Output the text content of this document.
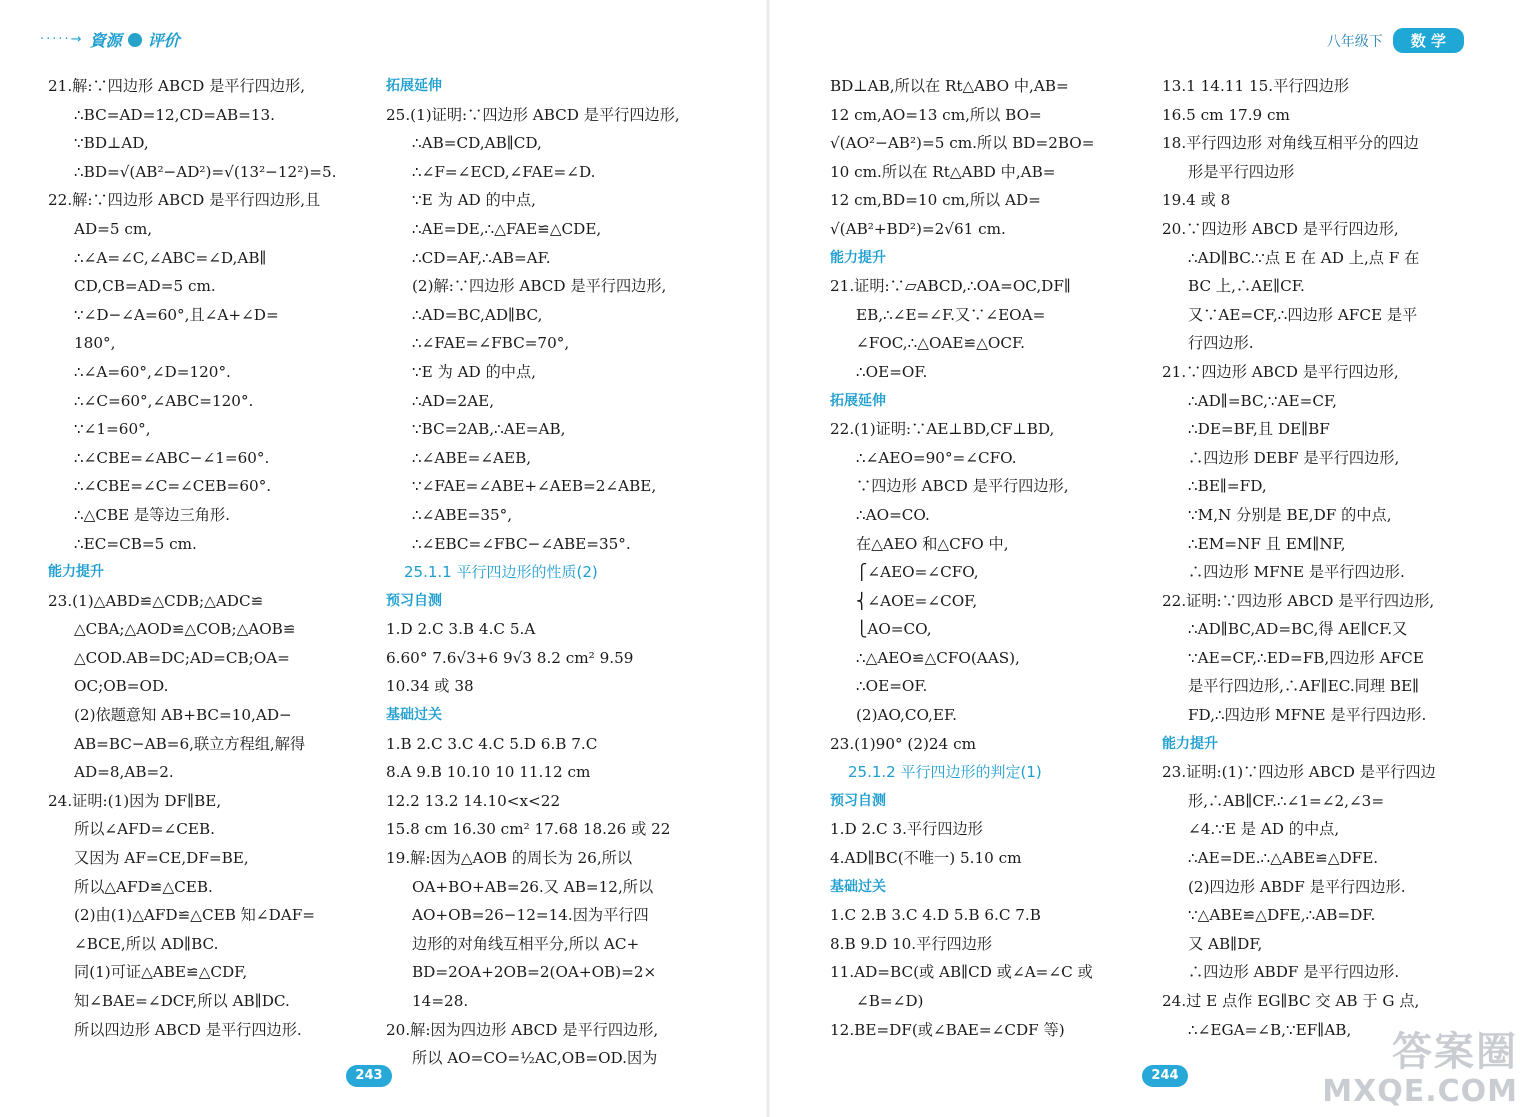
·····→ 資源 评价

21.解:∵四边形 ABCD 是平行四边形,

∴BC=AD=12,CD=AB=13.

∵BD⊥AD,

∴BD=√(AB²−AD²)=√(13²−12²)=5.

22.解:∵四边形 ABCD 是平行四边形,且

AD=5 cm,

∴∠A=∠C,∠ABC=∠D,AB∥

CD,CB=AD=5 cm.

∵∠D−∠A=60°,且∠A+∠D=

180°,

∴∠A=60°,∠D=120°.

∴∠C=60°,∠ABC=120°.

∵∠1=60°,

∴∠CBE=∠ABC−∠1=60°.

∴∠CBE=∠C=∠CEB=60°.

∴△CBE 是等边三角形.

∴EC=CB=5 cm.

能力提升

23.(1)△ABD≌△CDB;△ADC≌

△CBA;△AOD≌△COB;△AOB≌

△COD.AB=DC;AD=CB;OA=

OC;OB=OD.

(2)依题意知 AB+BC=10,AD−

AB=BC−AB=6,联立方程组,解得

AD=8,AB=2.

24.证明:(1)因为 DF∥BE,

所以∠AFD=∠CEB.

又因为 AF=CE,DF=BE,

所以△AFD≌△CEB.

(2)由(1)△AFD≌△CEB 知∠DAF=

∠BCE,所以 AD∥BC.

同(1)可证△ABE≌△CDF,

知∠BAE=∠DCF,所以 AB∥DC.

所以四边形 ABCD 是平行四边形.

拓展延伸

25.(1)证明:∵四边形 ABCD 是平行四边形,

∴AB=CD,AB∥CD,

∴∠F=∠ECD,∠FAE=∠D.

∵E 为 AD 的中点,

∴AE=DE,∴△FAE≌△CDE,

∴CD=AF,∴AB=AF.

(2)解:∵四边形 ABCD 是平行四边形,

∴AD=BC,AD∥BC,

∴∠FAE=∠FBC=70°,

∵E 为 AD 的中点,

∴AD=2AE,

∵BC=2AB,∴AE=AB,

∴∠ABE=∠AEB,

∵∠FAE=∠ABE+∠AEB=2∠ABE,

∴∠ABE=35°,

∴∠EBC=∠FBC−∠ABE=35°.

25.1.1 平行四边形的性质(2)

预习自测

1.D 2.C 3.B 4.C 5.A

6.60° 7.6√3+6 9√3 8.2 cm² 9.59

10.34 或 38

基础过关

1.B 2.C 3.C 4.C 5.D 6.B 7.C

8.A 9.B 10.10 10 11.12 cm

12.2 13.2 14.10<x<22

15.8 cm 16.30 cm² 17.68 18.26 或 22

19.解:因为△AOB 的周长为 26,所以

OA+BO+AB=26.又 AB=12,所以

AO+OB=26−12=14.因为平行四

边形的对角线互相平分,所以 AC+

BD=2OA+2OB=2(OA+OB)=2×

14=28.

20.解:因为四边形 ABCD 是平行四边形,

所以 AO=CO=½AC,OB=OD.因为

243
八年级下	数 学

BD⊥AB,所以在 Rt△ABO 中,AB=

12 cm,AO=13 cm,所以 BO=

√(AO²−AB²)=5 cm.所以 BD=2BO=

10 cm.所以在 Rt△ABD 中,AB=

12 cm,BD=10 cm,所以 AD=

√(AB²+BD²)=2√61 cm.

能力提升

21.证明:∵▱ABCD,∴OA=OC,DF∥

EB,∴∠E=∠F.又∵∠EOA=

∠FOC,∴△OAE≌△OCF.

∴OE=OF.

拓展延伸

22.(1)证明:∵AE⊥BD,CF⊥BD,

∴∠AEO=90°=∠CFO.

∵四边形 ABCD 是平行四边形,

∴AO=CO.

在△AEO 和△CFO 中,

⎧∠AEO=∠CFO,

⎨∠AOE=∠COF,

⎩AO=CO,

∴△AEO≌△CFO(AAS),

∴OE=OF.

(2)AO,CO,EF.

23.(1)90° (2)24 cm

25.1.2 平行四边形的判定(1)

预习自测

1.D 2.C 3.平行四边形

4.AD∥BC(不唯一) 5.10 cm

基础过关

1.C 2.B 3.C 4.D 5.B 6.C 7.B

8.B 9.D 10.平行四边形

11.AD=BC(或 AB∥CD 或∠A=∠C 或

∠B=∠D)

12.BE=DF(或∠BAE=∠CDF 等)

13.1 14.11 15.平行四边形

16.5 cm 17.9 cm

18.平行四边形 对角线互相平分的四边

形是平行四边形

19.4 或 8

20.∵四边形 ABCD 是平行四边形,

∴AD∥BC.∵点 E 在 AD 上,点 F 在

BC 上,∴AE∥CF.

又∵AE=CF,∴四边形 AFCE 是平

行四边形.

21.∵四边形 ABCD 是平行四边形,

∴AD∥=BC,∵AE=CF,

∴DE=BF,且 DE∥BF

∴四边形 DEBF 是平行四边形,

∴BE∥=FD,

∵M,N 分别是 BE,DF 的中点,

∴EM=NF 且 EM∥NF,

∴四边形 MFNE 是平行四边形.

22.证明:∵四边形 ABCD 是平行四边形,

∴AD∥BC,AD=BC,得 AE∥CF.又

∵AE=CF,∴ED=FB,四边形 AFCE

是平行四边形,∴AF∥EC.同理 BE∥

FD,∴四边形 MFNE 是平行四边形.

能力提升

23.证明:(1)∵四边形 ABCD 是平行四边

形,∴AB∥CF.∴∠1=∠2,∠3=

∠4.∵E 是 AD 的中点,

∴AE=DE.∴△ABE≌△DFE.

(2)四边形 ABDF 是平行四边形.

∵△ABE≌△DFE,∴AB=DF.

又 AB∥DF,

∴四边形 ABDF 是平行四边形.

24.过 E 点作 EG∥BC 交 AB 于 G 点,

∴∠EGA=∠B,∵EF∥AB,

244
答案圈
MXQE.COM
